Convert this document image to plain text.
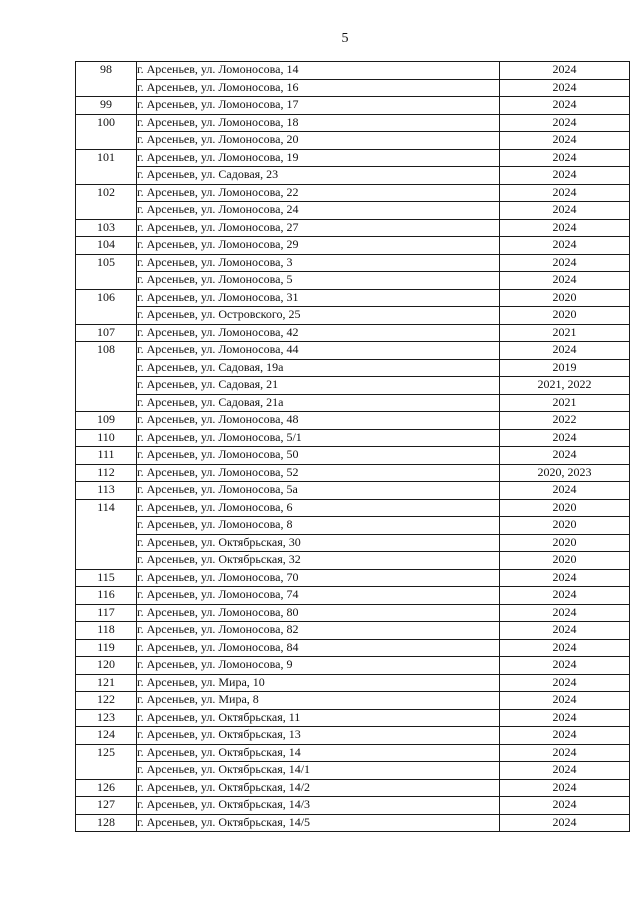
5
98	г. Арсеньев, ул. Ломоносова, 14	2024
	г. Арсеньев, ул. Ломоносова, 16	2024
99	г. Арсеньев, ул. Ломоносова, 17	2024
100	г. Арсеньев, ул. Ломоносова, 18	2024
	г. Арсеньев, ул. Ломоносова, 20	2024
101	г. Арсеньев, ул. Ломоносова, 19	2024
	г. Арсеньев, ул. Садовая, 23	2024
102	г. Арсеньев, ул. Ломоносова, 22	2024
	г. Арсеньев, ул. Ломоносова, 24	2024
103	г. Арсеньев, ул. Ломоносова, 27	2024
104	г. Арсеньев, ул. Ломоносова, 29	2024
105	г. Арсеньев, ул. Ломоносова, 3	2024
	г. Арсеньев, ул. Ломоносова, 5	2024
106	г. Арсеньев, ул. Ломоносова, 31	2020
	г. Арсеньев, ул. Островского, 25	2020
107	г. Арсеньев, ул. Ломоносова, 42	2021
108	г. Арсеньев, ул. Ломоносова, 44	2024
	г. Арсеньев, ул. Садовая, 19а	2019
	г. Арсеньев, ул. Садовая, 21	2021, 2022
	г. Арсеньев, ул. Садовая, 21а	2021
109	г. Арсеньев, ул. Ломоносова, 48	2022
110	г. Арсеньев, ул. Ломоносова, 5/1	2024
111	г. Арсеньев, ул. Ломоносова, 50	2024
112	г. Арсеньев, ул. Ломоносова, 52	2020, 2023
113	г. Арсеньев, ул. Ломоносова, 5а	2024
114	г. Арсеньев, ул. Ломоносова, 6	2020
	г. Арсеньев, ул. Ломоносова, 8	2020
	г. Арсеньев, ул. Октябрьская, 30	2020
	г. Арсеньев, ул. Октябрьская, 32	2020
115	г. Арсеньев, ул. Ломоносова, 70	2024
116	г. Арсеньев, ул. Ломоносова, 74	2024
117	г. Арсеньев, ул. Ломоносова, 80	2024
118	г. Арсеньев, ул. Ломоносова, 82	2024
119	г. Арсеньев, ул. Ломоносова, 84	2024
120	г. Арсеньев, ул. Ломоносова, 9	2024
121	г. Арсеньев, ул. Мира, 10	2024
122	г. Арсеньев, ул. Мира, 8	2024
123	г. Арсеньев, ул. Октябрьская, 11	2024
124	г. Арсеньев, ул. Октябрьская, 13	2024
125	г. Арсеньев, ул. Октябрьская, 14	2024
	г. Арсеньев, ул. Октябрьская, 14/1	2024
126	г. Арсеньев, ул. Октябрьская, 14/2	2024
127	г. Арсеньев, ул. Октябрьская, 14/3	2024
128	г. Арсеньев, ул. Октябрьская, 14/5	2024
